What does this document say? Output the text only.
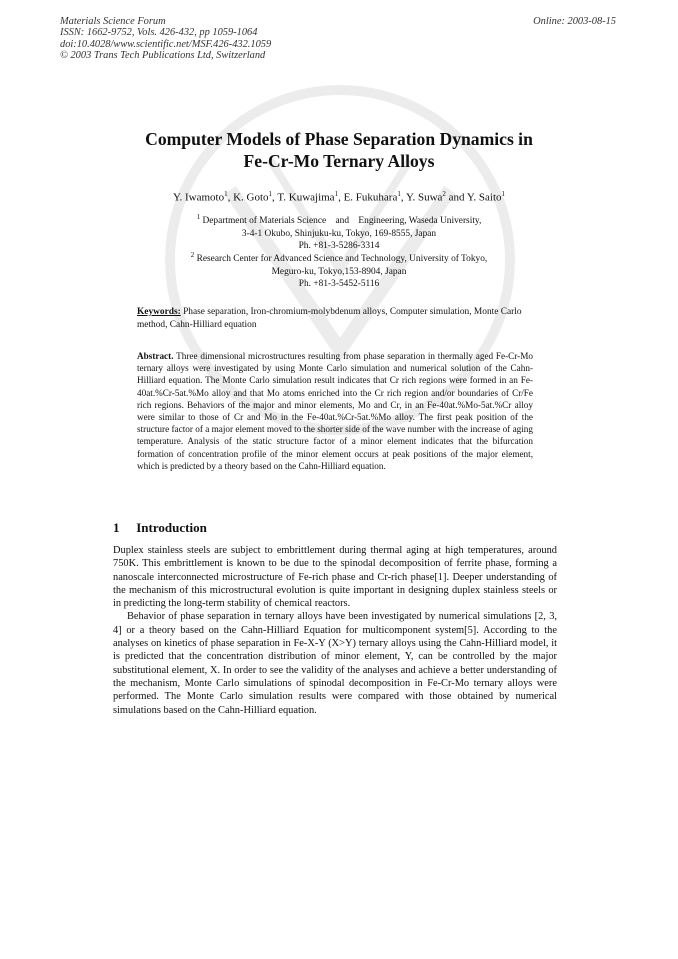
Materials Science Forum
ISSN: 1662-9752, Vols. 426-432, pp 1059-1064
doi:10.4028/www.scientific.net/MSF.426-432.1059
© 2003 Trans Tech Publications Ltd, Switzerland
Online: 2003-08-15
Computer Models of Phase Separation Dynamics in
Fe-Cr-Mo Ternary Alloys
Y. Iwamoto$^1$, K. Goto$^1$, T. Kuwajima$^1$, E. Fukuhara$^1$, Y. Suwa$^2$ and Y. Saito$^1$
$^1$ Department of Materials Science    and    Engineering, Waseda University,
3-4-1 Okubo, Shinjuku-ku, Tokyo, 169-8555, Japan
Ph. +81-3-5286-3314
$^2$ Research Center for Advanced Science and Technology, University of Tokyo,
Meguro-ku, Tokyo,153-8904, Japan
Ph. +81-3-5452-5116
Keywords: Phase separation, Iron-chromium-molybdenum alloys, Computer simulation, Monte Carlo method, Cahn-Hilliard equation
Abstract. Three dimensional microstructures resulting from phase separation in thermally aged Fe-Cr-Mo ternary alloys were investigated by using Monte Carlo simulation and numerical solution of the Cahn-Hilliard equation. The Monte Carlo simulation result indicates that Cr rich regions were formed in an Fe-40at.%Cr-5at.%Mo alloy and that Mo atoms enriched into the Cr rich region and/or boundaries of Cr/Fe rich regions. Behaviors of the major and minor elements, Mo and Cr, in an Fe-40at.%Mo-5at.%Cr alloy were similar to those of Cr and Mo in the Fe-40at.%Cr-5at.%Mo alloy. The first peak position of the structure factor of a major element moved to the shorter side of the wave number with the increase of aging temperature. Analysis of the static structure factor of a minor element indicates that the bifurcation formation of concentration profile of the minor element occurs at peak positions of the major element, which is predicted by a theory based on the Cahn-Hilliard equation.
1 Introduction

Duplex stainless steels are subject to embrittlement during thermal aging at high temperatures, around 750K. This embrittlement is known to be due to the spinodal decomposition of ferrite phase, forming a nanoscale interconnected microstructure of Fe-rich phase and Cr-rich phase[1]. Deeper understanding of the mechanism of this microstructural evolution is quite important in designing duplex stainless steels or in predicting the long-term stability of chemical reactors.

Behavior of phase separation in ternary alloys have been investigated by numerical simulations [2, 3, 4] or a theory based on the Cahn-Hilliard Equation for multicomponent system[5]. According to the analyses on kinetics of phase separation in Fe-X-Y (X>Y) ternary alloys using the Cahn-Hilliard model, it is predicted that the concentration distribution of minor element, Y, can be controlled by the major substitutional element, X. In order to see the validity of the analyses and achieve a better understanding of the mechanism, Monte Carlo simulations of spinodal decomposition in Fe-Cr-Mo ternary alloys were performed. The Monte Carlo simulation results were compared with those obtained by numerical simulations based on the Cahn-Hilliard equation.
